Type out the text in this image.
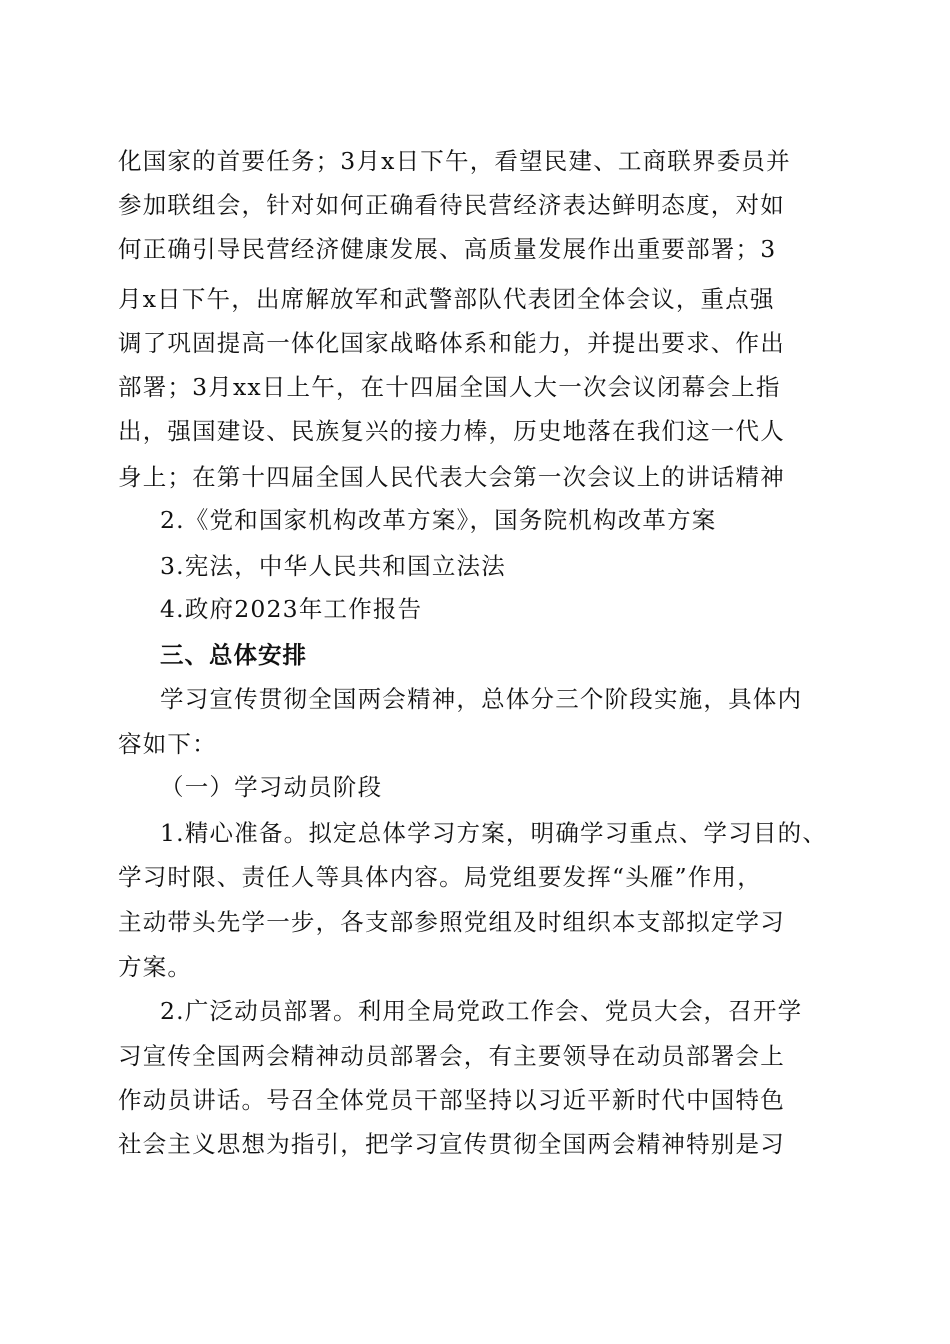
化国家的首要任务；3月x日下午，看望民建、工商联界委员并
参加联组会，针对如何正确看待民营经济表达鲜明态度，对如
何正确引导民营经济健康发展、高质量发展作出重要部署；3
月x日下午，出席解放军和武警部队代表团全体会议，重点强
调了巩固提高一体化国家战略体系和能力，并提出要求、作出
部署；3月xx日上午，在十四届全国人大一次会议闭幕会上指
出，强国建设、民族复兴的接力棒，历史地落在我们这一代人
身上；在第十四届全国人民代表大会第一次会议上的讲话精神
2.《党和国家机构改革方案》，国务院机构改革方案
3.宪法，中华人民共和国立法法
4.政府2023年工作报告
三、总体安排
学习宣传贯彻全国两会精神，总体分三个阶段实施，具体内
容如下：
（一）学习动员阶段
1.精心准备。拟定总体学习方案，明确学习重点、学习目的、
学习时限、责任人等具体内容。局党组要发挥“头雁”作用，
主动带头先学一步，各支部参照党组及时组织本支部拟定学习
方案。
2.广泛动员部署。利用全局党政工作会、党员大会，召开学
习宣传全国两会精神动员部署会，有主要领导在动员部署会上
作动员讲话。号召全体党员干部坚持以习近平新时代中国特色
社会主义思想为指引，把学习宣传贯彻全国两会精神特别是习
